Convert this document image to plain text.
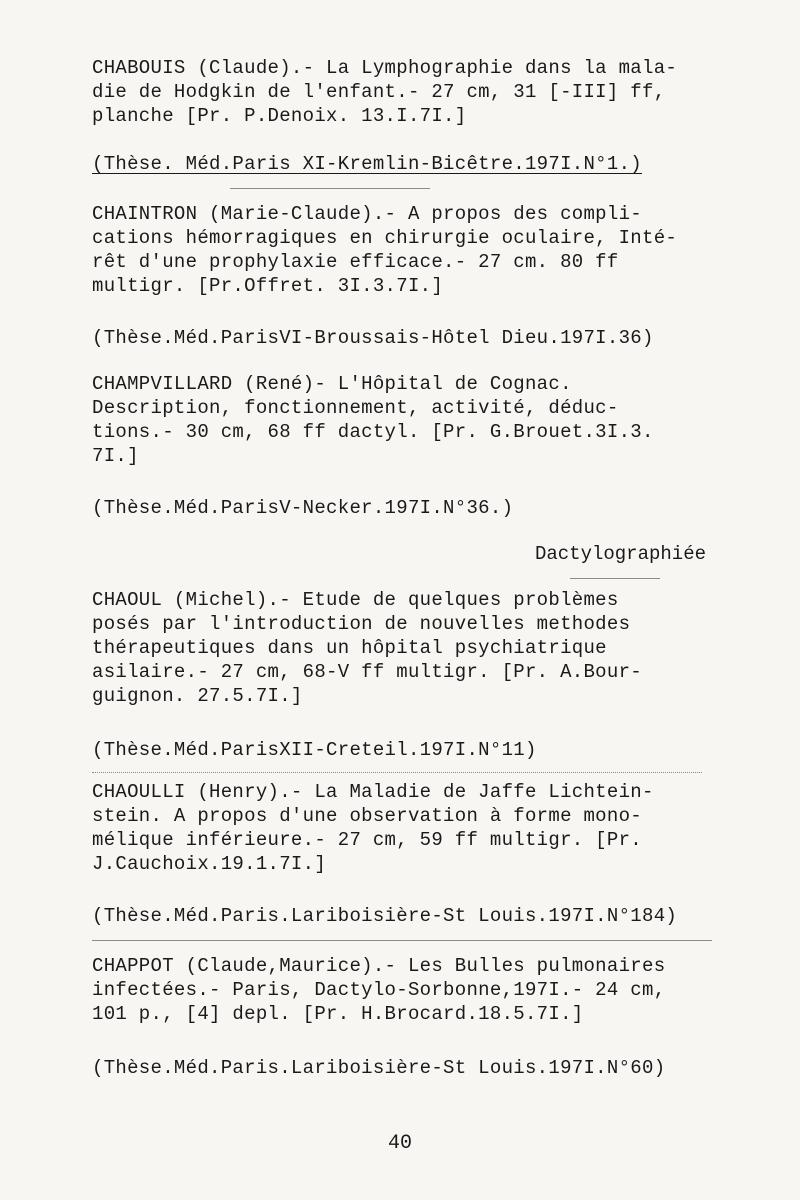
CHABOUIS (Claude).- La Lymphographie dans la mala-
die de Hodgkin de l'enfant.- 27 cm, 31 [-III] ff,
planche [Pr. P.Denoix. 13.I.7I.]
(Thèse. Méd.Paris XI-Kremlin-Bicêtre.197I.N°1.)
CHAINTRON (Marie-Claude).- A propos des compli-
cations hémorragiques en chirurgie oculaire, Inté-
rêt d'une prophylaxie efficace.- 27 cm. 80 ff
multigr. [Pr.Offret. 3I.3.7I.]
(Thèse.Méd.ParisVI-Broussais-Hôtel Dieu.197I.36)
CHAMPVILLARD (René)- L'Hôpital de Cognac.
Description, fonctionnement, activité, déduc-
tions.- 30 cm, 68 ff dactyl. [Pr. G.Brouet.3I.3.
7I.]
(Thèse.Méd.ParisV-Necker.197I.N°36.)
Dactylographiée
CHAOUL (Michel).- Etude de quelques problèmes
posés par l'introduction de nouvelles methodes
thérapeutiques dans un hôpital psychiatrique
asilaire.- 27 cm, 68-V ff multigr. [Pr. A.Bour-
guignon. 27.5.7I.]
(Thèse.Méd.ParisXII-Creteil.197I.N°11)
CHAOULLI (Henry).- La Maladie de Jaffe Lichtein-
stein. A propos d'une observation à forme mono-
mélique inférieure.- 27 cm, 59 ff multigr. [Pr.
J.Cauchoix.19.1.7I.]
(Thèse.Méd.Paris.Lariboisière-St Louis.197I.N°184)
CHAPPOT (Claude,Maurice).- Les Bulles pulmonaires
infectées.- Paris, Dactylo-Sorbonne,197I.- 24 cm,
101 p., [4] depl. [Pr. H.Brocard.18.5.7I.]
(Thèse.Méd.Paris.Lariboisière-St Louis.197I.N°60)
40
